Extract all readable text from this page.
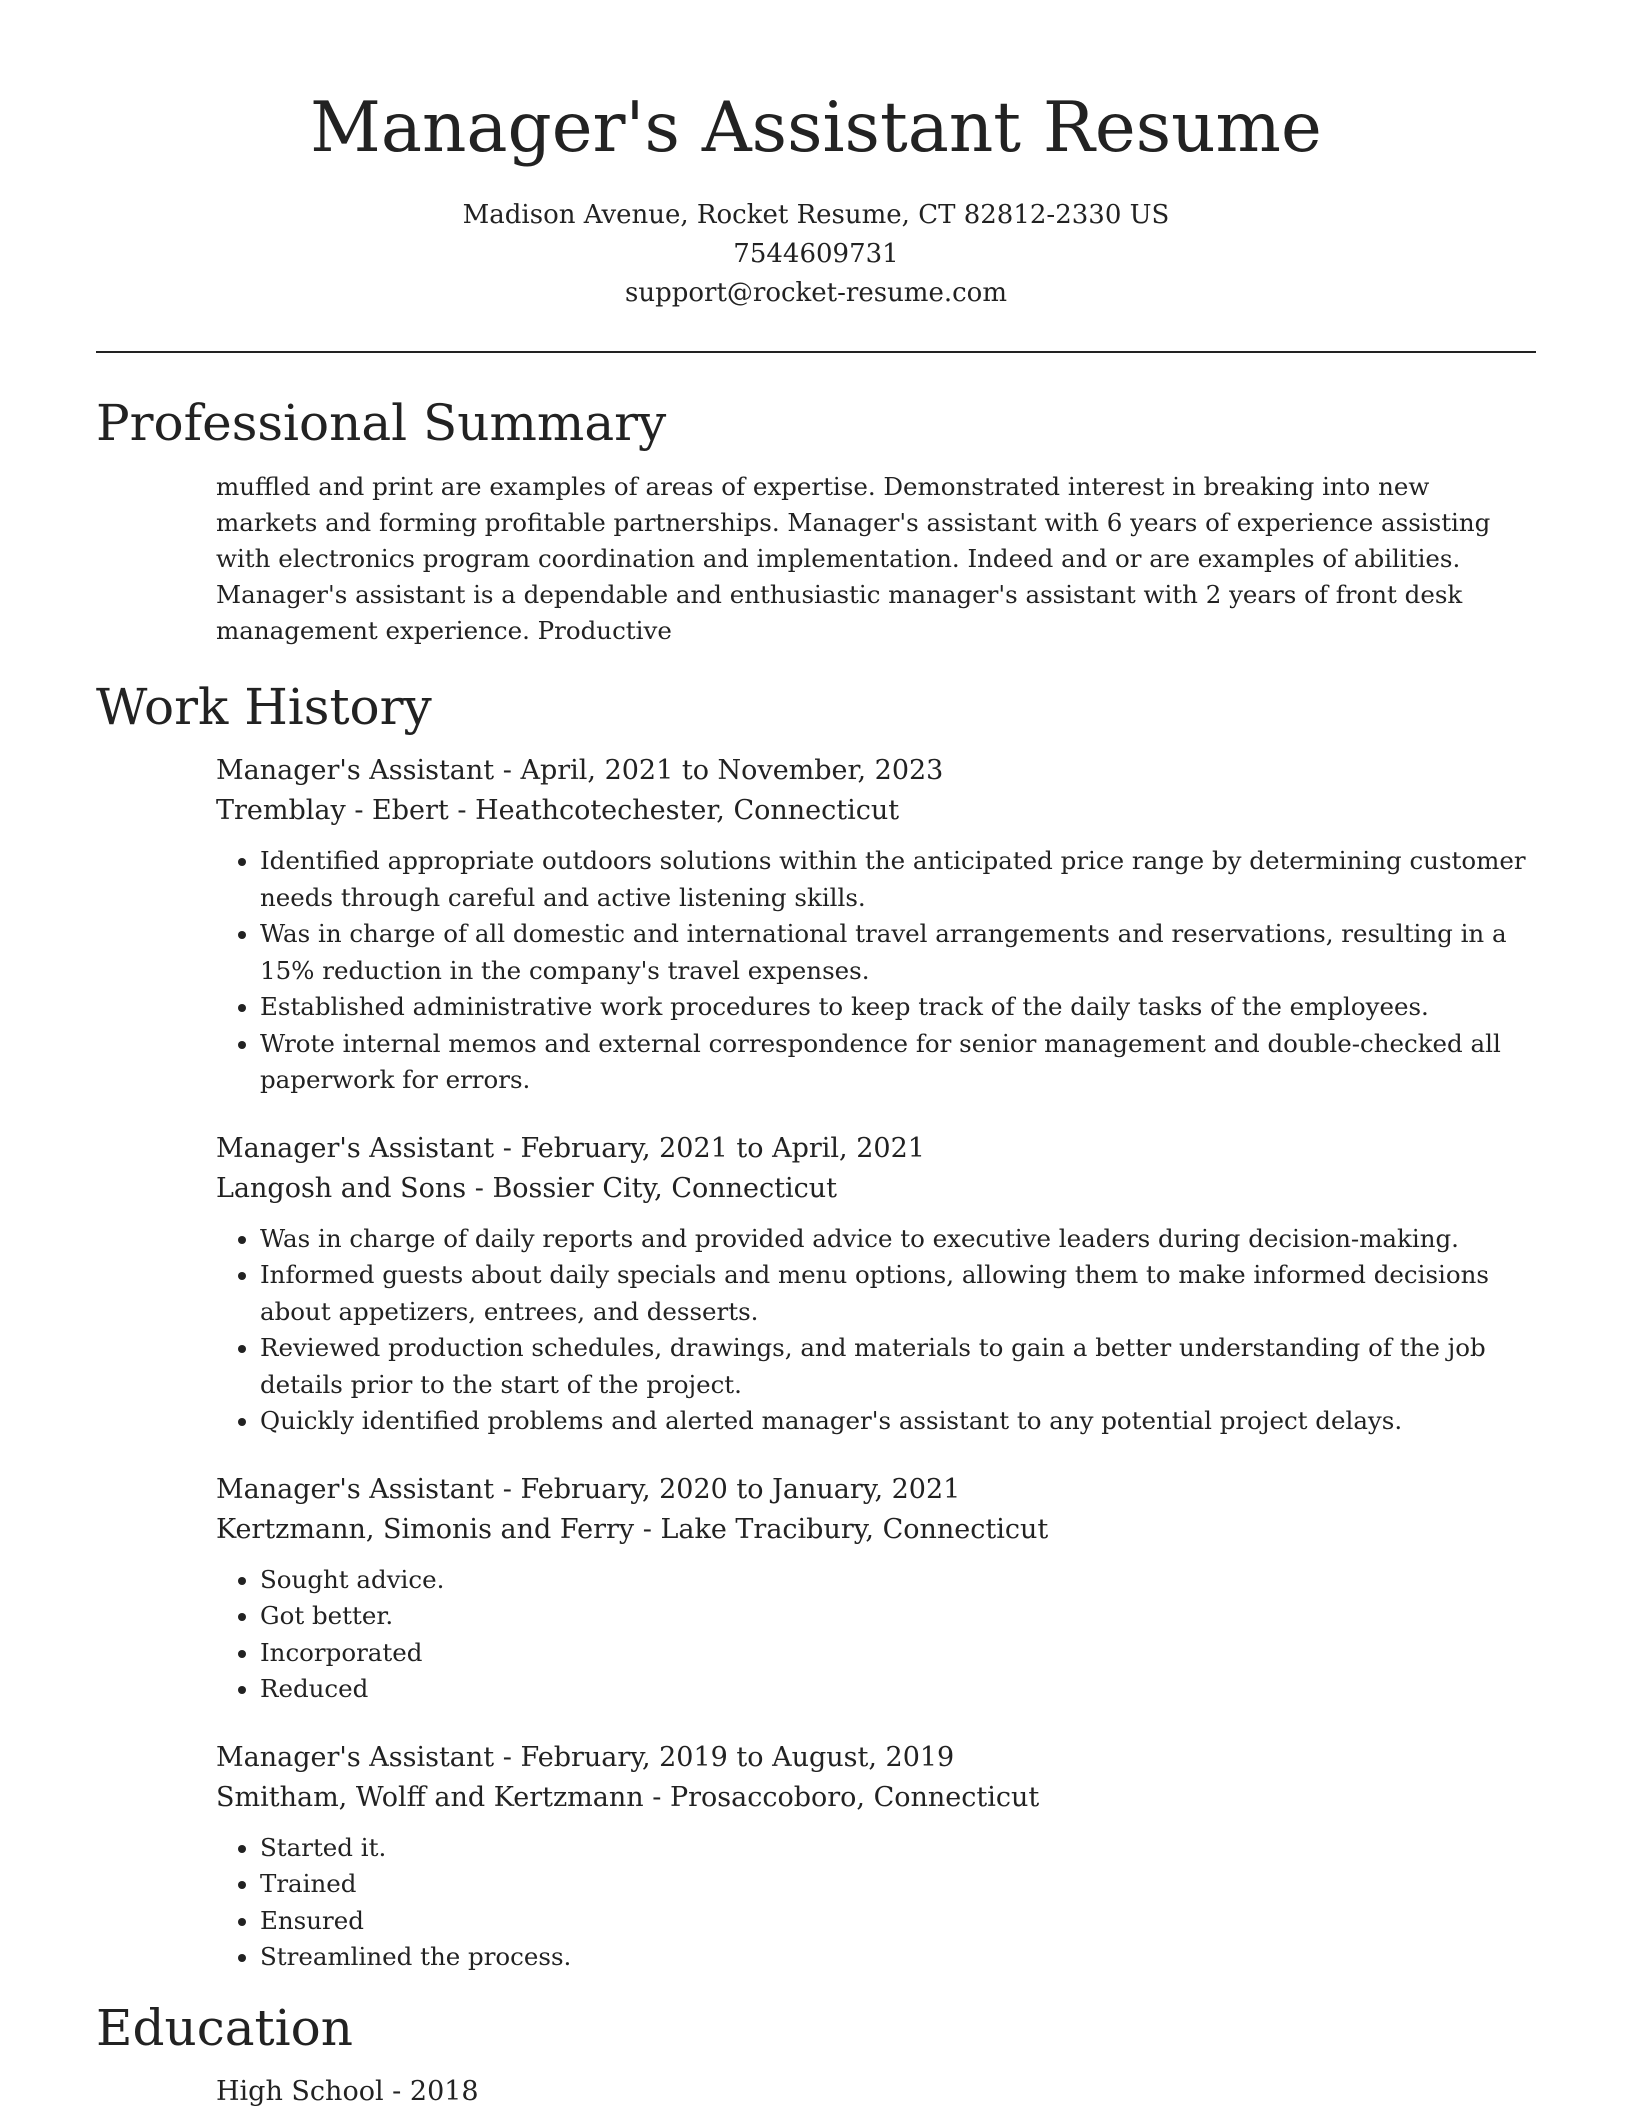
Manager's Assistant Resume
Madison Avenue, Rocket Resume, CT 82812-2330 US
7544609731
support@rocket-resume.com
Professional Summary
muffled and print are examples of areas of expertise. Demonstrated interest in breaking into new markets and forming profitable partnerships. Manager's assistant with 6 years of experience assisting with electronics program coordination and implementation. Indeed and or are examples of abilities. Manager's assistant is a dependable and enthusiastic manager's assistant with 2 years of front desk management experience. Productive
Work History
Manager's Assistant - April, 2021 to November, 2023
Tremblay - Ebert - Heathcotechester, Connecticut
• Identified appropriate outdoors solutions within the anticipated price range by determining customer needs through careful and active listening skills.
• Was in charge of all domestic and international travel arrangements and reservations, resulting in a 15% reduction in the company's travel expenses.
• Established administrative work procedures to keep track of the daily tasks of the employees.
• Wrote internal memos and external correspondence for senior management and double-checked all paperwork for errors.
Manager's Assistant - February, 2021 to April, 2021
Langosh and Sons - Bossier City, Connecticut
• Was in charge of daily reports and provided advice to executive leaders during decision-making.
• Informed guests about daily specials and menu options, allowing them to make informed decisions about appetizers, entrees, and desserts.
• Reviewed production schedules, drawings, and materials to gain a better understanding of the job details prior to the start of the project.
• Quickly identified problems and alerted manager's assistant to any potential project delays.
Manager's Assistant - February, 2020 to January, 2021
Kertzmann, Simonis and Ferry - Lake Tracibury, Connecticut
• Sought advice.
• Got better.
• Incorporated
• Reduced
Manager's Assistant - February, 2019 to August, 2019
Smitham, Wolff and Kertzmann - Prosaccoboro, Connecticut
• Started it.
• Trained
• Ensured
• Streamlined the process.
Education
High School - 2018
